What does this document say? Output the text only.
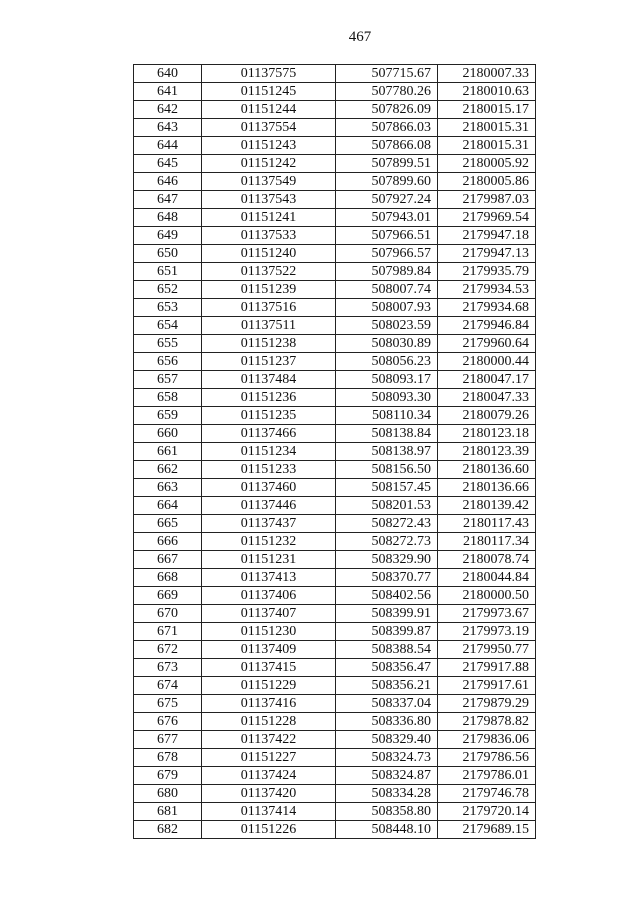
467
640	01137575	507715.67	2180007.33
641	01151245	507780.26	2180010.63
642	01151244	507826.09	2180015.17
643	01137554	507866.03	2180015.31
644	01151243	507866.08	2180015.31
645	01151242	507899.51	2180005.92
646	01137549	507899.60	2180005.86
647	01137543	507927.24	2179987.03
648	01151241	507943.01	2179969.54
649	01137533	507966.51	2179947.18
650	01151240	507966.57	2179947.13
651	01137522	507989.84	2179935.79
652	01151239	508007.74	2179934.53
653	01137516	508007.93	2179934.68
654	01137511	508023.59	2179946.84
655	01151238	508030.89	2179960.64
656	01151237	508056.23	2180000.44
657	01137484	508093.17	2180047.17
658	01151236	508093.30	2180047.33
659	01151235	508110.34	2180079.26
660	01137466	508138.84	2180123.18
661	01151234	508138.97	2180123.39
662	01151233	508156.50	2180136.60
663	01137460	508157.45	2180136.66
664	01137446	508201.53	2180139.42
665	01137437	508272.43	2180117.43
666	01151232	508272.73	2180117.34
667	01151231	508329.90	2180078.74
668	01137413	508370.77	2180044.84
669	01137406	508402.56	2180000.50
670	01137407	508399.91	2179973.67
671	01151230	508399.87	2179973.19
672	01137409	508388.54	2179950.77
673	01137415	508356.47	2179917.88
674	01151229	508356.21	2179917.61
675	01137416	508337.04	2179879.29
676	01151228	508336.80	2179878.82
677	01137422	508329.40	2179836.06
678	01151227	508324.73	2179786.56
679	01137424	508324.87	2179786.01
680	01137420	508334.28	2179746.78
681	01137414	508358.80	2179720.14
682	01151226	508448.10	2179689.15
